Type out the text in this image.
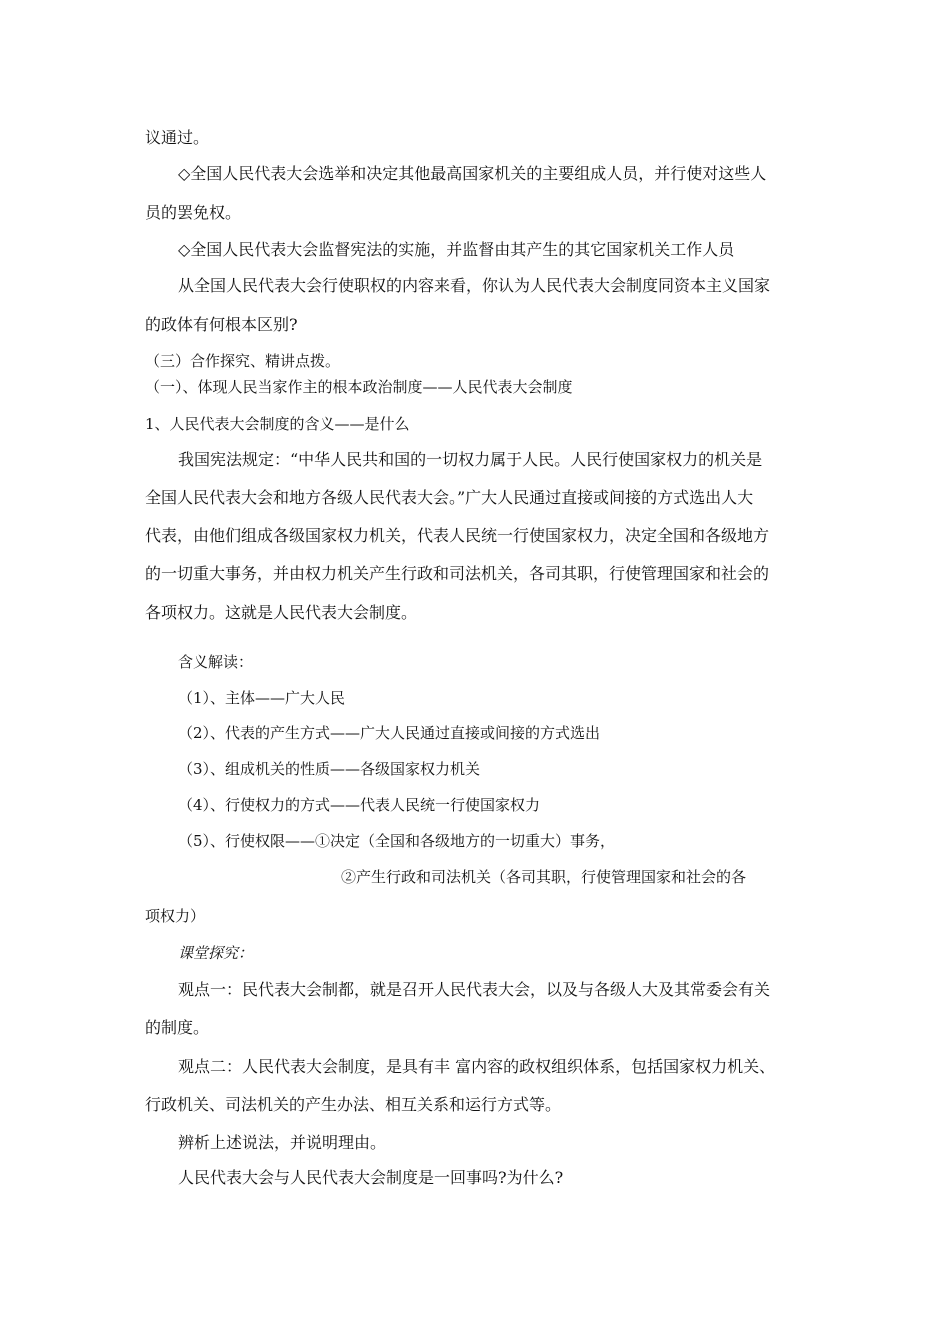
议通过。
◇全国人民代表大会选举和决定其他最高国家机关的主要组成人员，并行使对这些人
员的罢免权。
◇全国人民代表大会监督宪法的实施，并监督由其产生的其它国家机关工作人员
从全国人民代表大会行使职权的内容来看，你认为人民代表大会制度同资本主义国家
的政体有何根本区别?
（三）合作探究、精讲点拨。
（一）、体现人民当家作主的根本政治制度——人民代表大会制度
1、人民代表大会制度的含义——是什么
我国宪法规定：“中华人民共和国的一切权力属于人民。人民行使国家权力的机关是
全国人民代表大会和地方各级人民代表大会。”广大人民通过直接或间接的方式选出人大
代表，由他们组成各级国家权力机关，代表人民统一行使国家权力，决定全国和各级地方
的一切重大事务，并由权力机关产生行政和司法机关，各司其职，行使管理国家和社会的
各项权力。这就是人民代表大会制度。
含义解读：
（1）、主体——广大人民
（2）、代表的产生方式——广大人民通过直接或间接的方式选出
（3）、组成机关的性质——各级国家权力机关
（4）、行使权力的方式——代表人民统一行使国家权力
（5）、行使权限——①决定（全国和各级地方的一切重大）事务，
②产生行政和司法机关（各司其职，行使管理国家和社会的各
项权力）
课堂探究：
观点一：民代表大会制都，就是召开人民代表大会，以及与各级人大及其常委会有关
的制度。
观点二：人民代表大会制度，是具有丰 富内容的政权组织体系，包括国家权力机关、
行政机关、司法机关的产生办法、相互关系和运行方式等。
辨析上述说法，并说明理由。
人民代表大会与人民代表大会制度是一回事吗?为什么?
